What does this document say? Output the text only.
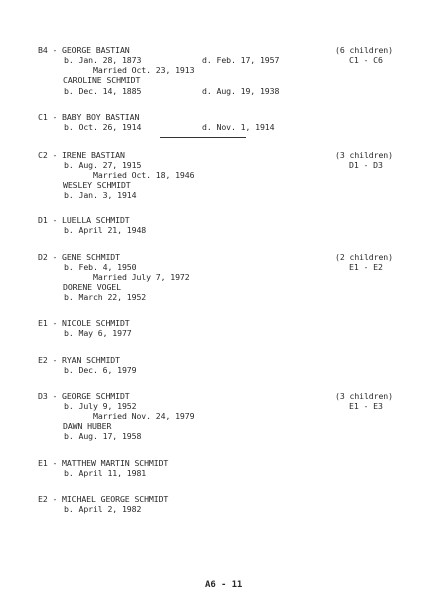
B4 - GEORGE BASTIAN	(6 children)
b. Jan. 28, 1873	d. Feb. 17, 1957	C1 - C6
Married Oct. 23, 1913
CAROLINE SCHMIDT
b. Dec. 14, 1885	d. Aug. 19, 1938
C1 - BABY BOY BASTIAN
b. Oct. 26, 1914	d. Nov. 1, 1914
C2 - IRENE BASTIAN	(3 children)
b. Aug. 27, 1915	D1 - D3
Married Oct. 18, 1946
WESLEY SCHMIDT
b. Jan. 3, 1914
D1 - LUELLA SCHMIDT
b. April 21, 1948
D2 - GENE SCHMIDT	(2 children)
b. Feb. 4, 1950	E1 - E2
Married July 7, 1972
DORENE VOGEL
b. March 22, 1952
E1 - NICOLE SCHMIDT
b. May 6, 1977
E2 - RYAN SCHMIDT
b. Dec. 6, 1979
D3 - GEORGE SCHMIDT	(3 children)
b. July 9, 1952	E1 - E3
Married Nov. 24, 1979
DAWN HUBER
b. Aug. 17, 1958
E1 - MATTHEW MARTIN SCHMIDT
b. April 11, 1981
E2 - MICHAEL GEORGE SCHMIDT
b. April 2, 1982
A6 - 11
